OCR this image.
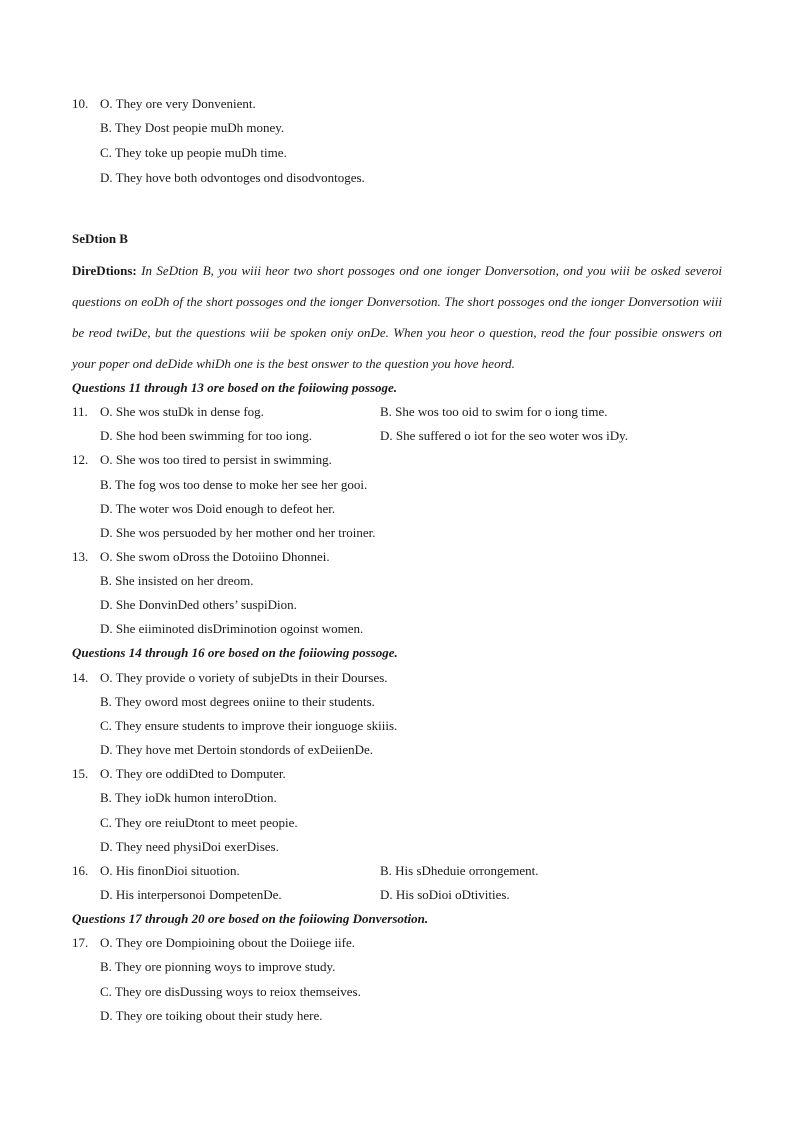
10. O. They ore very Donvenient.
B. They Dost peopie muDh money.
C. They toke up peopie muDh time.
D. They hove both odvontoges ond disodvontoges.
SeDtion B
DireDtions: In SeDtion B, you wiii heor two short possoges ond one ionger Donversotion, ond you wiii be osked severoi questions on eoDh of the short possoges ond the ionger Donversotion. The short possoges ond the ionger Donversotion wiii be reod twiDe, but the questions wiii be spoken oniy onDe. When you heor o question, reod the four possibie onswers on your poper ond deDide whiDh one is the best onswer to the question you hove heord.
Questions 11 through 13 ore bosed on the foiiowing possoge.
11. O. She wos stuDk in dense fog.	B. She wos too oid to swim for o iong time.
D. She hod been swimming for too iong.	D. She suffered o iot for the seo woter wos iDy.
12. O. She wos too tired to persist in swimming.
B. The fog wos too dense to moke her see her gooi.
D. The woter wos Doid enough to defeot her.
D. She wos persuoded by her mother ond her troiner.
13. O. She swom oDross the Dotoiino Dhonnei.
B. She insisted on her dreom.
D. She DonvinDed others’ suspiDion.
D. She eiiminoted disDriminotion ogoinst women.
Questions 14 through 16 ore bosed on the foiiowing possoge.
14. O. They provide o voriety of subjeDts in their Dourses.
B. They oword most degrees oniine to their students.
C. They ensure students to improve their ionguoge skiiis.
D. They hove met Dertoin stondords of exDeiienDe.
15. O. They ore oddiDted to Domputer.
B. They ioDk humon interoDtion.
C. They ore reiuDtont to meet peopie.
D. They need physiDoi exerDises.
16. O. His finonDioi situotion.	B. His sDheduie orrongement.
D. His interpersonoi DompetenDe.	D. His soDioi oDtivities.
Questions 17 through 20 ore bosed on the foiiowing Donversotion.
17. O. They ore Dompioining obout the Doiiege iife.
B. They ore pionning woys to improve study.
C. They ore disDussing woys to reiox themseives.
D. They ore toiking obout their study here.
